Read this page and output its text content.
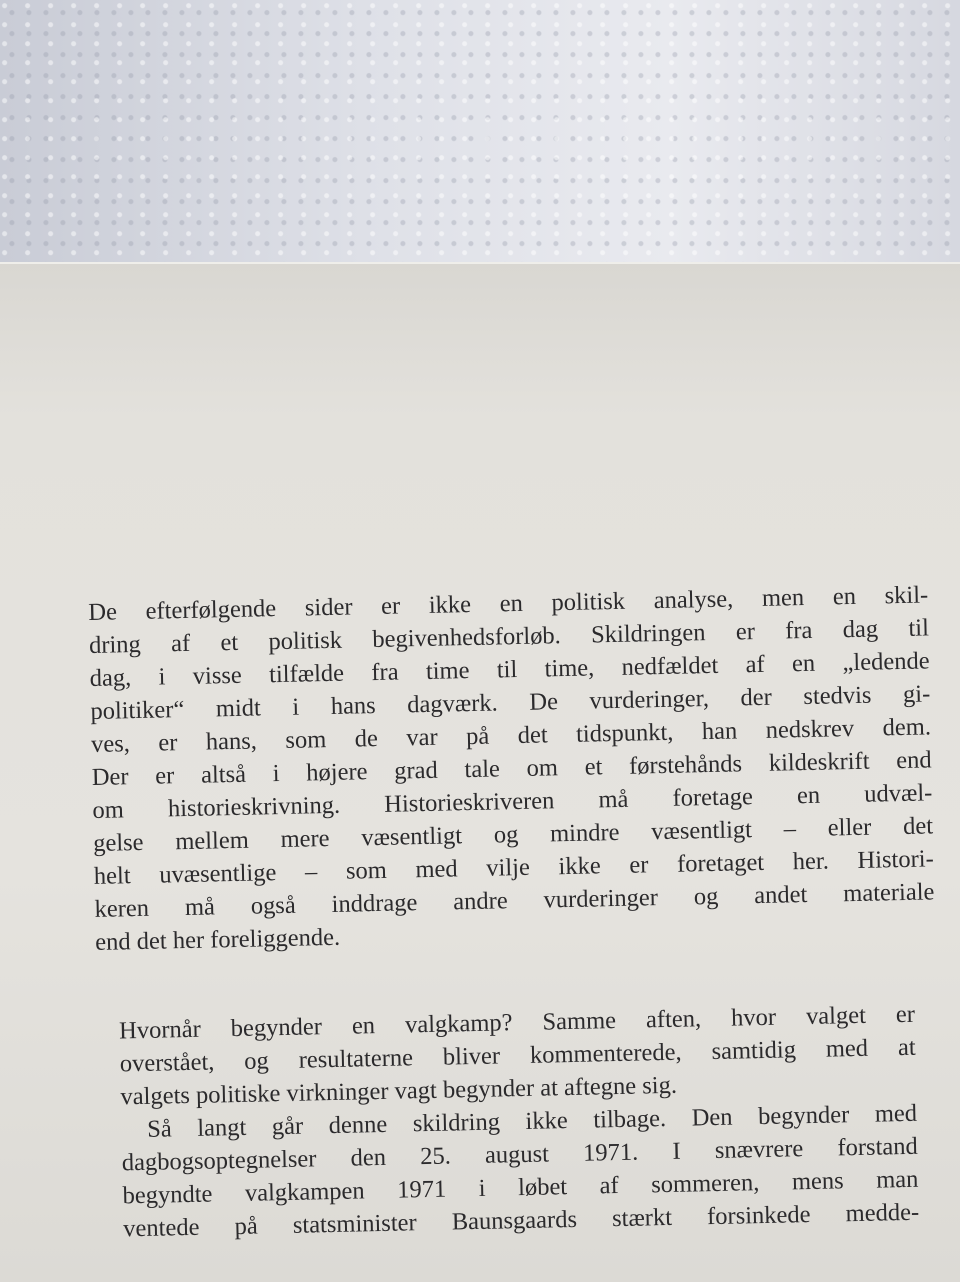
De efterfølgende sider er ikke en politisk analyse, men en skil-
dring af et politisk begivenhedsforløb. Skildringen er fra dag til
dag, i visse tilfælde fra time til time, nedfældet af en „ledende
politiker“ midt i hans dagværk. De vurderinger, der stedvis gi-
ves, er hans, som de var på det tidspunkt, han nedskrev dem.
Der er altså i højere grad tale om et førstehånds kildeskrift end
om historieskrivning. Historieskriveren må foretage en udvæl-
gelse mellem mere væsentligt og mindre væsentligt – eller det
helt uvæsentlige – som med vilje ikke er foretaget her. Histori-
keren må også inddrage andre vurderinger og andet materiale
end det her foreliggende.
Hvornår begynder en valgkamp? Samme aften, hvor valget er
overstået, og resultaterne bliver kommenterede, samtidig med at
valgets politiske virkninger vagt begynder at aftegne sig.
Så langt går denne skildring ikke tilbage. Den begynder med
dagbogsoptegnelser den 25. august 1971. I snævrere forstand
begyndte valgkampen 1971 i løbet af sommeren, mens man
ventede på statsminister Baunsgaards stærkt forsinkede medde-
